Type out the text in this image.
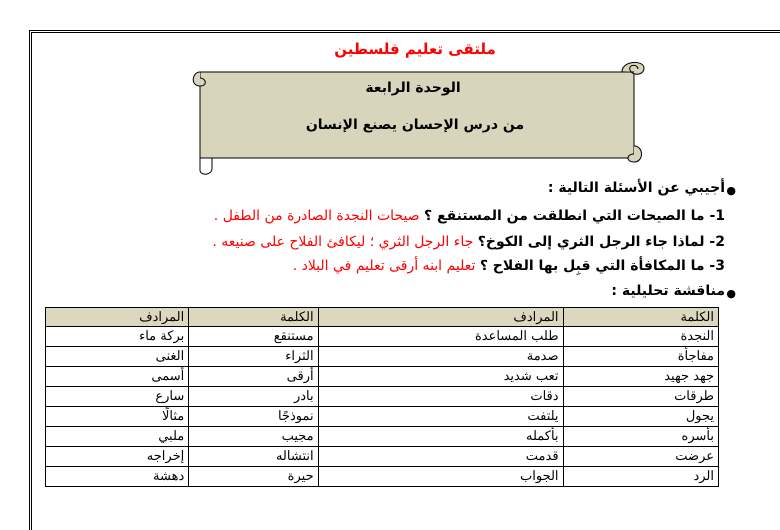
ملتقى تعليم فلسطين
الوحدة الرابعة
من درس الإحسان يصنع الإنسان
●
أجيبي عن الأسئلة التالية :
1- ما الصيحات التي انطلقت من المستنقع ؟ صيحات النجدة الصادرة من الطفل .
2- لماذا جاء الرجل الثري إلى الكوخ؟ جاء الرجل الثري ؛ ليكافئ الفلاح على صنيعه .
3- ما المكافأة التي قبِل بها الفلاح ؟ تعليم ابنه أرقى تعليم في البلاد .
●
مناقشة تحليلية :
الكلمة	المرادف	الكلمة	المرادف
النجدة	طلب المساعدة	مستنقع	بركة ماء
مفاجأة	صدمة	الثراء	الغنى
جهد جهيد	تعب شديد	أرقى	أسمى
طرقات	دقات	بادر	سارع
يجول	يلتفت	نموذجًا	مثالًا
بأسره	بأكمله	مجيب	ملبي
عرضت	قدمت	انتشاله	إخراجه
الرد	الجواب	حيرة	دهشة
